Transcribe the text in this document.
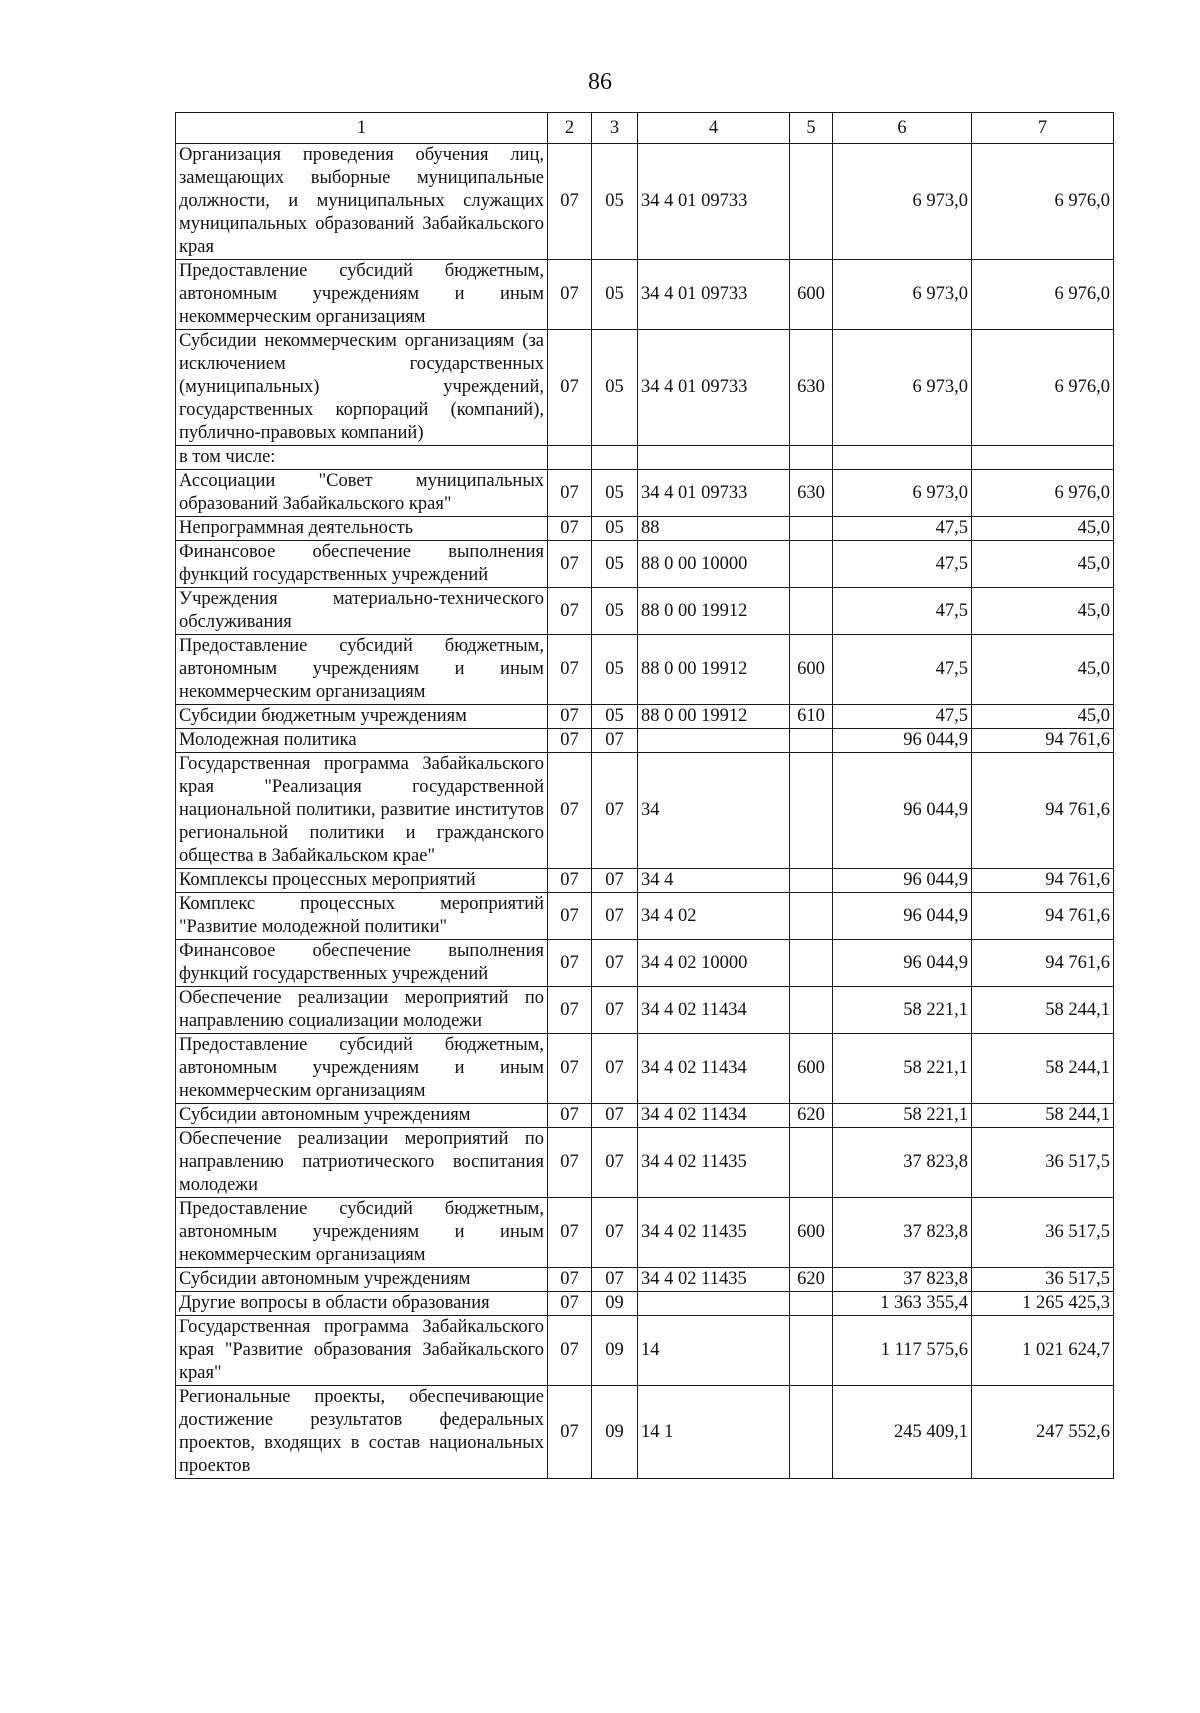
86
1	2	3	4	5	6	7
Организация проведения обучения лиц, замещающих выборные муниципальные должности, и муниципальных служащих муниципальных образований Забайкальского края	07	05	34 4 01 09733		6 973,0	6 976,0
Предоставление субсидий бюджетным, автономным учреждениям и иным некоммерческим организациям	07	05	34 4 01 09733	600	6 973,0	6 976,0
Субсидии некоммерческим организациям (за исключением государственных (муниципальных) учреждений, государственных корпораций (компаний), публично-правовых компаний)	07	05	34 4 01 09733	630	6 973,0	6 976,0
в том числе:						
Ассоциации "Совет муниципальных образований Забайкальского края"	07	05	34 4 01 09733	630	6 973,0	6 976,0
Непрограммная деятельность	07	05	88		47,5	45,0
Финансовое обеспечение выполнения функций государственных учреждений	07	05	88 0 00 10000		47,5	45,0
Учреждения материально-технического обслуживания	07	05	88 0 00 19912		47,5	45,0
Предоставление субсидий бюджетным, автономным учреждениям и иным некоммерческим организациям	07	05	88 0 00 19912	600	47,5	45,0
Субсидии бюджетным учреждениям	07	05	88 0 00 19912	610	47,5	45,0
Молодежная политика	07	07			96 044,9	94 761,6
Государственная программа Забайкальского края "Реализация государственной национальной политики, развитие институтов региональной политики и гражданского общества в Забайкальском крае"	07	07	34		96 044,9	94 761,6
Комплексы процессных мероприятий	07	07	34 4		96 044,9	94 761,6
Комплекс процессных мероприятий "Развитие молодежной политики"	07	07	34 4 02		96 044,9	94 761,6
Финансовое обеспечение выполнения функций государственных учреждений	07	07	34 4 02 10000		96 044,9	94 761,6
Обеспечение реализации мероприятий по направлению социализации молодежи	07	07	34 4 02 11434		58 221,1	58 244,1
Предоставление субсидий бюджетным, автономным учреждениям и иным некоммерческим организациям	07	07	34 4 02 11434	600	58 221,1	58 244,1
Субсидии автономным учреждениям	07	07	34 4 02 11434	620	58 221,1	58 244,1
Обеспечение реализации мероприятий по направлению патриотического воспитания молодежи	07	07	34 4 02 11435		37 823,8	36 517,5
Предоставление субсидий бюджетным, автономным учреждениям и иным некоммерческим организациям	07	07	34 4 02 11435	600	37 823,8	36 517,5
Субсидии автономным учреждениям	07	07	34 4 02 11435	620	37 823,8	36 517,5
Другие вопросы в области образования	07	09			1 363 355,4	1 265 425,3
Государственная программа Забайкальского края "Развитие образования Забайкальского края"	07	09	14		1 117 575,6	1 021 624,7
Региональные проекты, обеспечивающие достижение результатов федеральных проектов, входящих в состав национальных проектов	07	09	14 1		245 409,1	247 552,6
